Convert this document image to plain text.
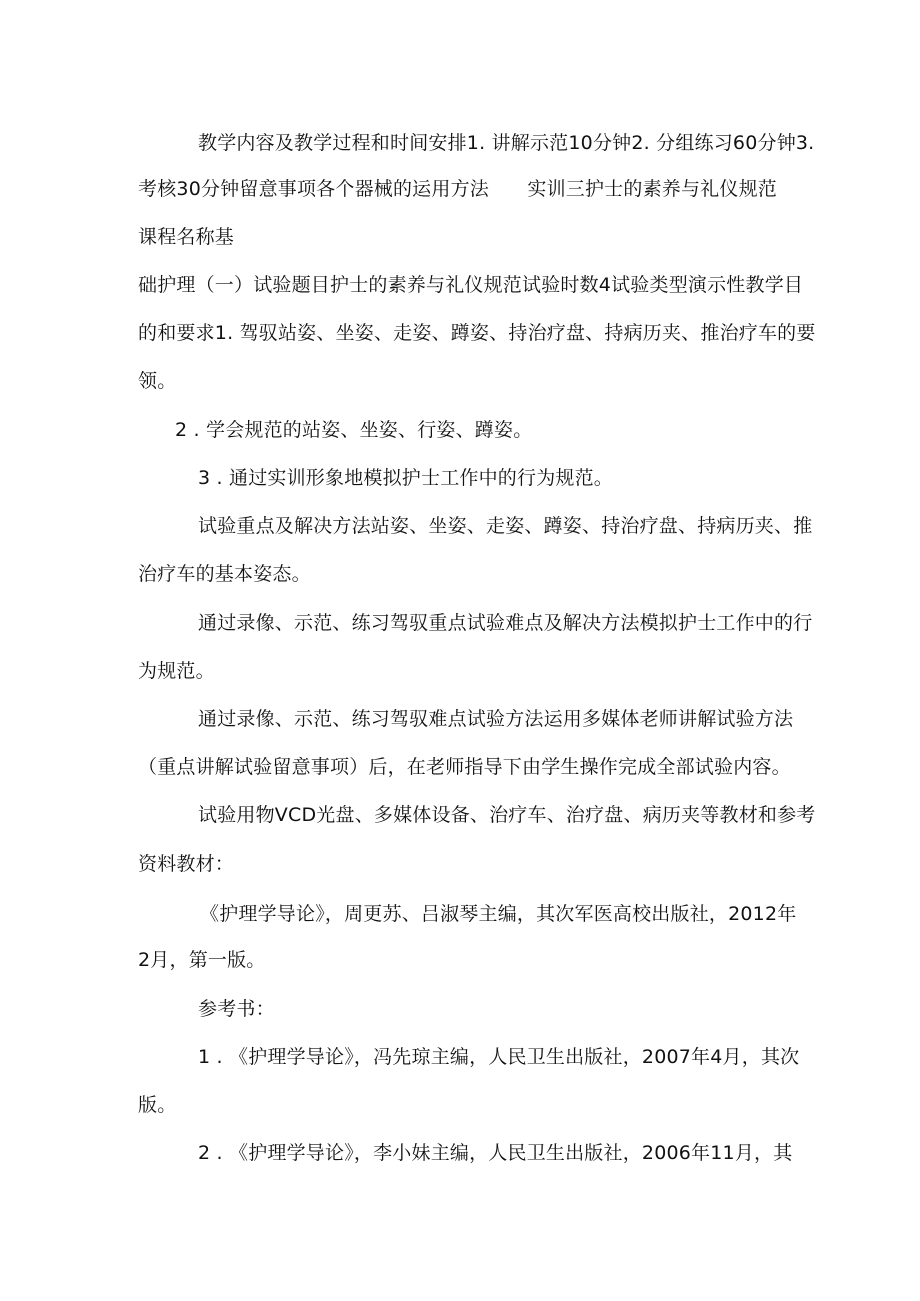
教学内容及教学过程和时间安排1. 讲解示范10分钟2. 分组练习60分钟3.
考核30分钟留意事项各个器械的运用方法　　实训三护士的素养与礼仪规范
课程名称基
础护理（一）试验题目护士的素养与礼仪规范试验时数4试验类型演示性教学目
的和要求1. 驾驭站姿、坐姿、走姿、蹲姿、持治疗盘、持病历夹、推治疗车的要
领。
2 . 学会规范的站姿、坐姿、行姿、蹲姿。
3 . 通过实训形象地模拟护士工作中的行为规范。
试验重点及解决方法站姿、坐姿、走姿、蹲姿、持治疗盘、持病历夹、推
治疗车的基本姿态。
通过录像、示范、练习驾驭重点试验难点及解决方法模拟护士工作中的行
为规范。
通过录像、示范、练习驾驭难点试验方法运用多媒体老师讲解试验方法
（重点讲解试验留意事项）后，在老师指导下由学生操作完成全部试验内容。
试验用物VCD光盘、多媒体设备、治疗车、治疗盘、病历夹等教材和参考
资料教材：
《护理学导论》，周更苏、吕淑琴主编，其次军医高校出版社，2012年
2月，第一版。
参考书：
1 . 《护理学导论》，冯先琼主编，人民卫生出版社，2007年4月，其次
版。
2 . 《护理学导论》，李小妹主编，人民卫生出版社，2006年11月，其
